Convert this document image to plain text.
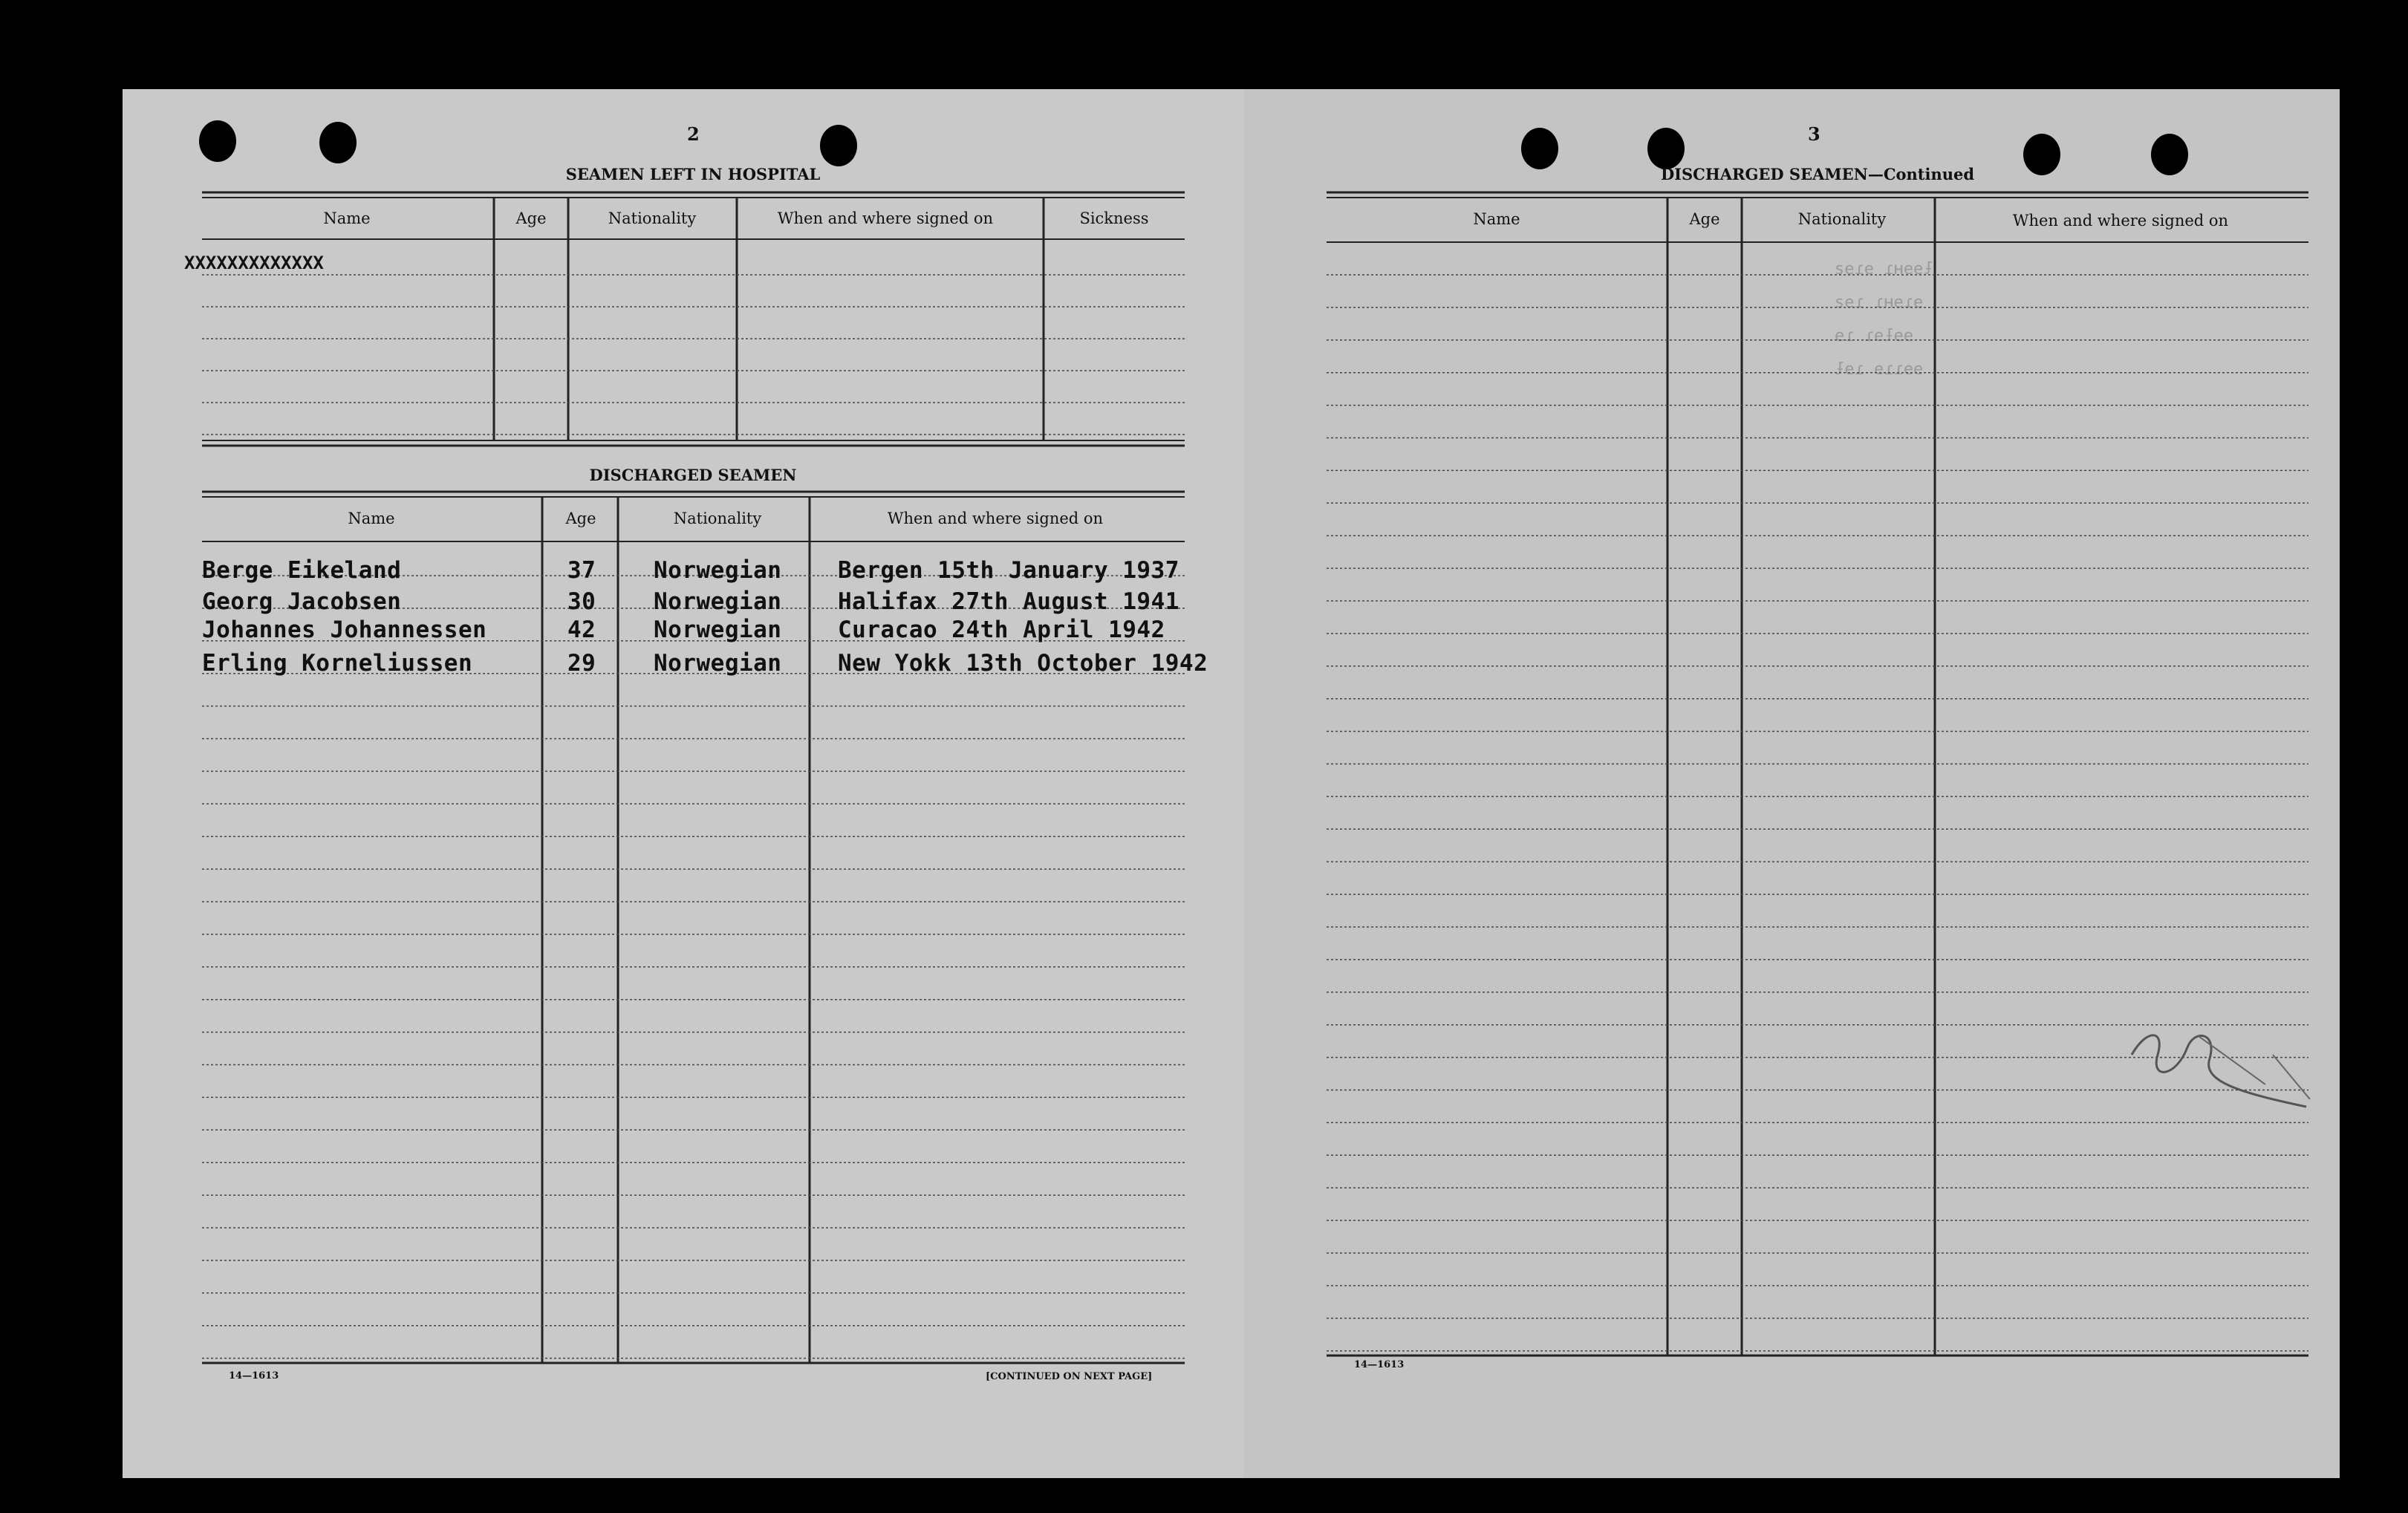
ƚɘɘʜɿ ɘɿɘƨ
ɘɿɘʜɿ ɿɘƨ
ɘɘƚɘɿ ɿɘ
ɘɘɿɿɘ ɿɘƚ
2
SEAMEN LEFT IN HOSPITAL
Name	Age	Nationality	When and where signed on	Sickness
XXXXXXXXXXXXX
DISCHARGED SEAMEN
Name	Age	Nationality	When and where signed on
Berge Eikeland	37	Norwegian Bergen 15th January 1937
Georg Jacobsen	30	Norwegian Halifax 27th August 1941
Johannes Johannessen	42	Norwegian Curacao 24th April 1942
Erling Korneliussen	29	Norwegian New Yokk 13th October 1942
14—1613	[CONTINUED ON NEXT PAGE]
3
DISCHARGED SEAMEN—Continued
Name	Age	Nationality	When and where signed on
14—1613
